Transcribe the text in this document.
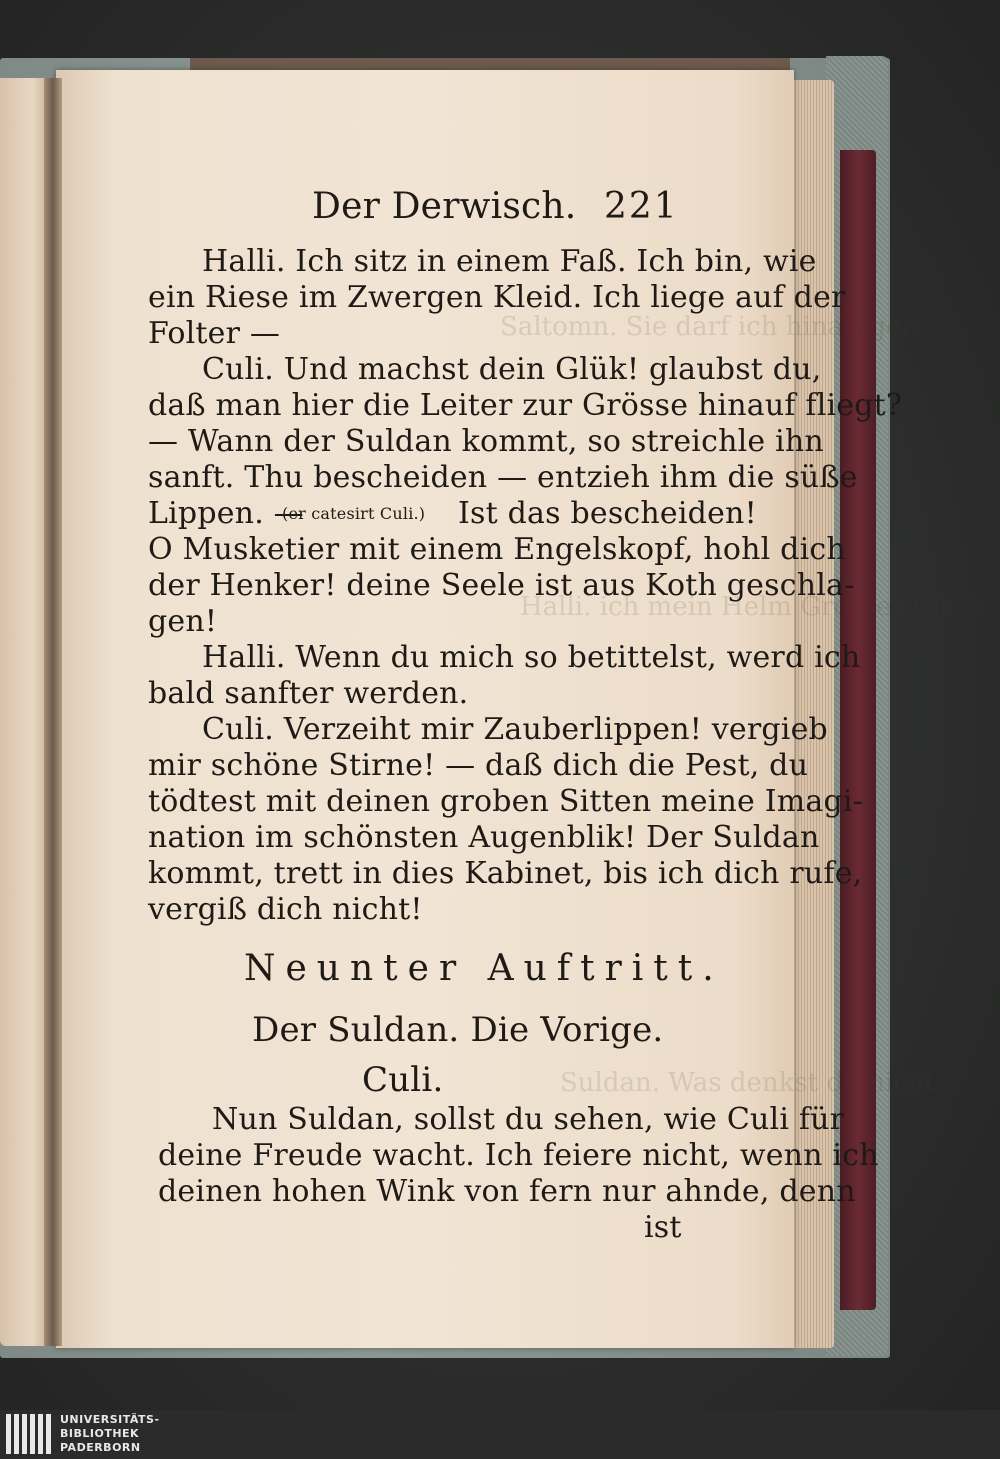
Saltomn. Sie darf ich hinaufgen
Halli. ich mein Helm Grosser Gisan
Suldan. Was denkst du nichts
Der Derwisch. 221
Halli. Ich sitz in einem Faß. Ich bin, wie
ein Riese im Zwergen Kleid. Ich liege auf der
Folter —
Culi. Und machst dein Glük! glaubst du,
daß man hier die Leiter zur Grösse hinauf fliegt?
— Wann der Suldan kommt, so streichle ihn
sanft. Thu bescheiden — entzieh ihm die süße
Lippen. —
(er catesirt Culi.) Ist das bescheiden!
O Musketier mit einem Engelskopf, hohl dich
der Henker! deine Seele ist aus Koth geschla-
gen!
Halli. Wenn du mich so betittelst, werd ich
bald sanfter werden.
Culi. Verzeiht mir Zauberlippen! vergieb
mir schöne Stirne! — daß dich die Pest, du
tödtest mit deinen groben Sitten meine Imagi-
nation im schönsten Augenblik! Der Suldan
kommt, trett in dies Kabinet, bis ich dich rufe,
vergiß dich nicht!
Neunter Auftritt.
Der Suldan. Die Vorige.
Culi.
Nun Suldan, sollst du sehen, wie Culi für
deine Freude wacht. Ich feiere nicht, wenn ich
deinen hohen Wink von fern nur ahnde, denn
ist
UNIVERSITÄTS-
BIBLIOTHEK
PADERBORN
